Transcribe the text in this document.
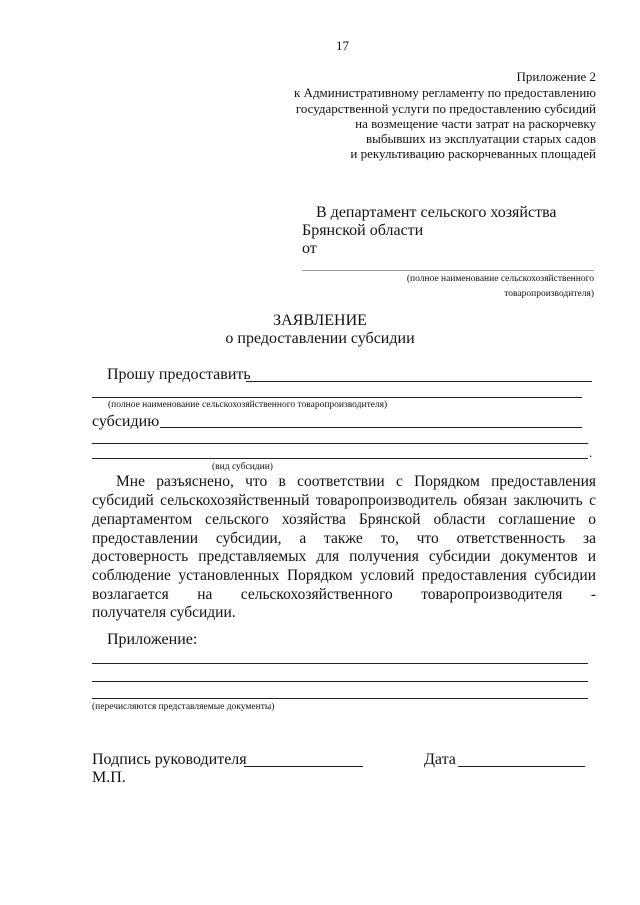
17
Приложение 2
к Административному регламенту по предоставлению
государственной услуги по предоставлению субсидий
на возмещение части затрат на раскорчевку
выбывших из эксплуатации старых садов
и рекультивацию раскорчеванных площадей
В департамент сельского хозяйства
Брянской области
от
(полное наименование сельскохозяйственного
товаропроизводителя)
ЗАЯВЛЕНИЕ
о предоставлении субсидии
Прошу предоставить
(полное наименование сельскохозяйственного товаропроизводителя)
субсидию
.
(вид субсидии)
Мне разъяснено, что в соответствии с Порядком предоставления
субсидий сельскохозяйственный товаропроизводитель обязан заключить с
департаментом сельского хозяйства Брянской области соглашение о
предоставлении субсидии, а также то, что ответственность за
достоверность представляемых для получения субсидии документов и
соблюдение установленных Порядком условий предоставления субсидии
возлагается на сельскохозяйственного товаропроизводителя -
получателя субсидии.
Приложение:
(перечисляются представляемые документы)
Подпись руководителя	Дата
М.П.
